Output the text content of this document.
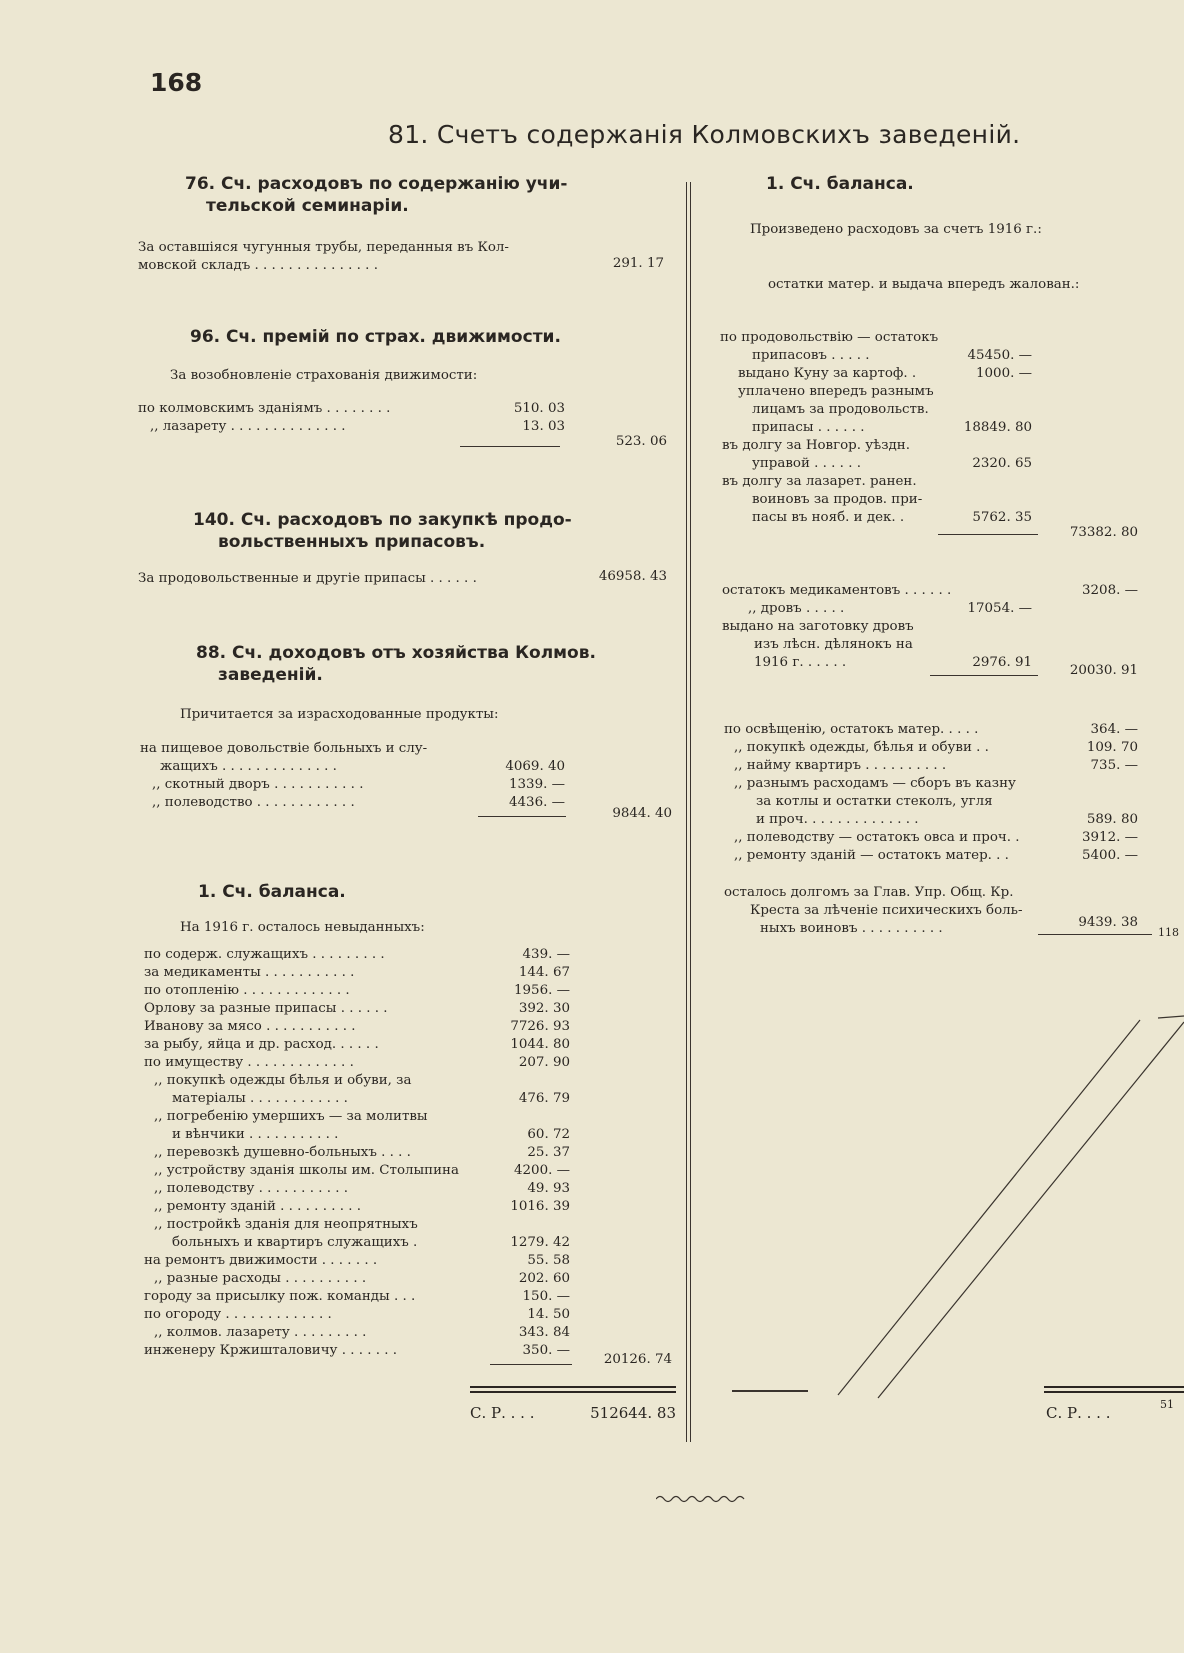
168
81. Счетъ содержанія Колмовскихъ заведеній.
76. Сч. расходовъ по содержанію учи-
тельской семинаріи.
За оставшіяся чугунныя трубы, переданныя въ Кол-
мовской складъ . . . . . . . . . . . . . . .	291. 17
96. Сч. премій по страх. движимости.
За возобновленіе страхованія движимости:
по колмовскимъ зданіямъ . . . . . . . .	510. 03
,, лазарету . . . . . . . . . . . . . .	13. 03
523. 06
140. Сч. расходовъ по закупкѣ продо-
вольственныхъ припасовъ.
За продовольственные и другіе припасы . . . . . .	46958. 43
88. Сч. доходовъ отъ хозяйства Колмов.
заведеній.
Причитается за израсходованные продукты:
на пищевое довольствіе больныхъ и слу-
жащихъ . . . . . . . . . . . . . .	4069. 40
,, скотный дворъ . . . . . . . . . . .	1339. —
,, полеводство . . . . . . . . . . . .	4436. —
9844. 40
1. Сч. баланса.
На 1916 г. осталось невыданныхъ:
по содерж. служащихъ . . . . . . . . .	439. —
за медикаменты . . . . . . . . . . .	144. 67
по отопленію . . . . . . . . . . . . .	1956. —
Орлову за разные припасы . . . . . .	392. 30
Иванову за мясо . . . . . . . . . . .	7726. 93
за рыбу, яйца и др. расход. . . . . .	1044. 80
по имуществу . . . . . . . . . . . . .	207. 90
,, покупкѣ одежды бѣлья и обуви, за
матеріалы . . . . . . . . . . . .	476. 79
,, погребенію умершихъ — за молитвы
и вѣнчики . . . . . . . . . . .	60. 72
,, перевозкѣ душевно-больныхъ . . . .	25. 37
,, устройству зданія школы им. Столыпина	4200. —
,, полеводству . . . . . . . . . . .	49. 93
,, ремонту зданій . . . . . . . . . .	1016. 39
,, постройкѣ зданія для неопрятныхъ
больныхъ и квартиръ служащихъ .	1279. 42
на ремонтъ движимости . . . . . . .	55. 58
,, разные расходы . . . . . . . . . .	202. 60
городу за присылку пож. команды . . .	150. —
по огороду . . . . . . . . . . . . .	14. 50
,, колмов. лазарету . . . . . . . . .	343. 84
инженеру Кржиштaловичу . . . . . . .	350. —
20126. 74
С. Р. . . .	512644. 83
1. Сч. баланса.
Произведено расходовъ за счетъ 1916 г.:
остатки матер. и выдача впередъ жалован.:
по продовольствію — остатокъ
припасовъ . . . . .	45450. —
выдано Куну за картоф. .	1000. —
уплачено впередъ разнымъ
лицамъ за продовольств.
припасы . . . . . .	18849. 80
въ долгу за Новгор. уѣздн.
управой . . . . . .	2320. 65
въ долгу за лазарет. ранен.
воиновъ за продов. при-
пасы въ нояб. и дек. .	5762. 35
73382. 80
остатокъ медикаментовъ . . . . . .	3208. —
,, дровъ . . . . .	17054. —
выдано на заготовку дровъ
изъ лѣсн. дѣлянокъ на
1916 г. . . . . .	2976. 91
20030. 91
по освѣщенію, остатокъ матер. . . . .	364. —
,, покупкѣ одежды, бѣлья и обуви . .	109. 70
,, найму квартиръ . . . . . . . . . .	735. —
,, разнымъ расходамъ — сборъ въ казну
за котлы и остатки стеколъ, угля
и проч. . . . . . . . . . . . . .	589. 80
,, полеводству — остатокъ овса и проч. .	3912. —
,, ремонту зданій — остатокъ матер. . .	5400. —
осталось долгомъ за Глав. Упр. Общ. Кр.
Креста за лѣченіе психическихъ боль-
ныхъ воиновъ . . . . . . . . . .	9439. 38
118
С. Р. . . .	51
